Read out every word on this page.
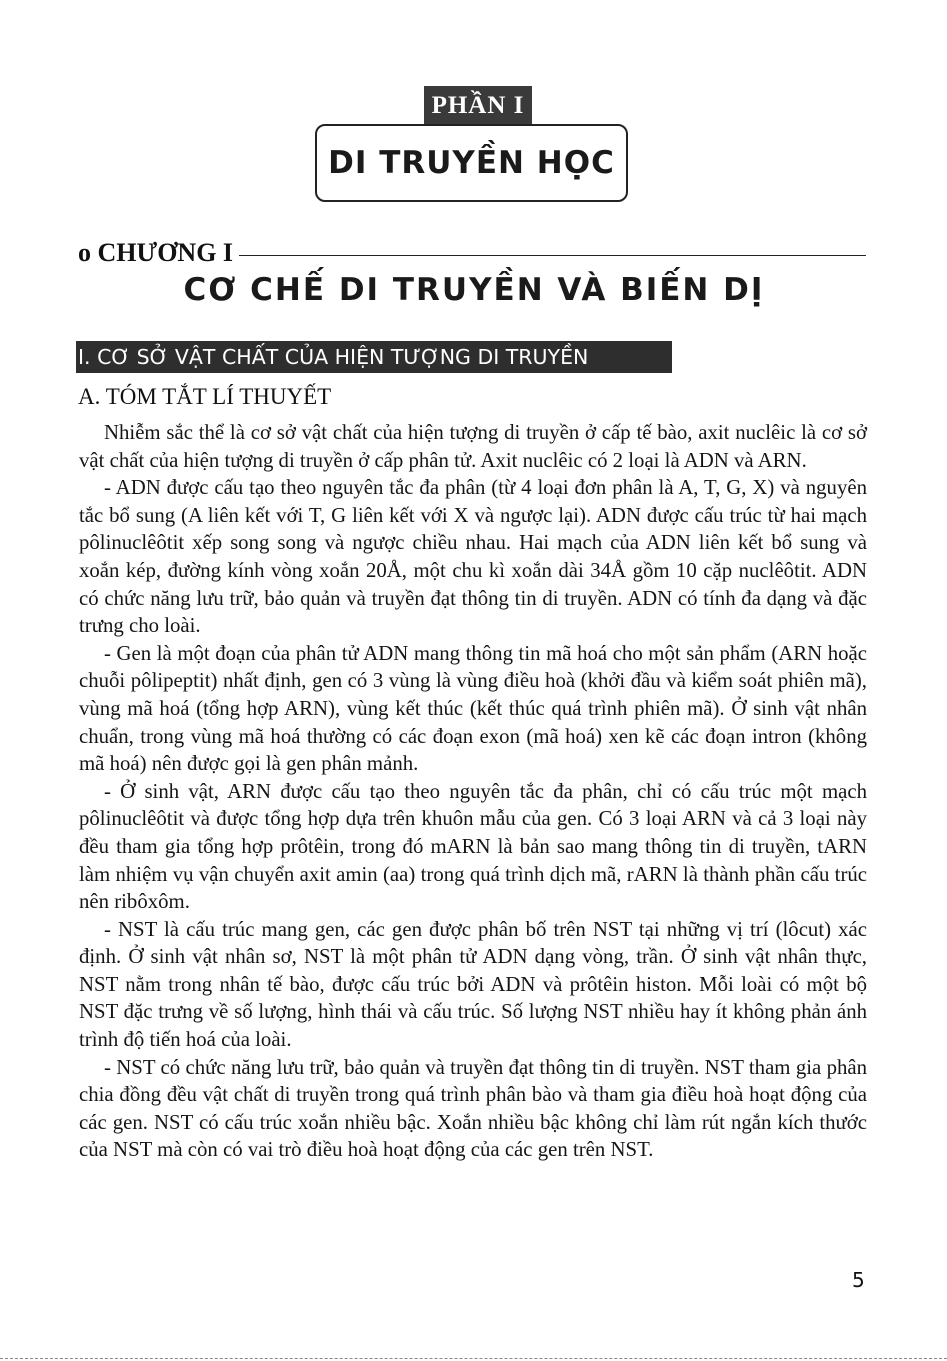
PHẦN I
DI TRUYỀN HỌC
o CHƯƠNG I
CƠ CHẾ DI TRUYỀN VÀ BIẾN DỊ
I. CƠ SỞ VẬT CHẤT CỦA HIỆN TƯỢNG DI TRUYỀN
A. TÓM TẮT LÍ THUYẾT

Nhiễm sắc thể là cơ sở vật chất của hiện tượng di truyền ở cấp tế bào, axit nuclêic là cơ sở vật chất của hiện tượng di truyền ở cấp phân tử. Axit nuclêic có 2 loại là ADN và ARN.

- ADN được cấu tạo theo nguyên tắc đa phân (từ 4 loại đơn phân là A, T, G, X) và nguyên tắc bổ sung (A liên kết với T, G liên kết với X và ngược lại). ADN được cấu trúc từ hai mạch pôlinuclêôtit xếp song song và ngược chiều nhau. Hai mạch của ADN liên kết bổ sung và xoắn kép, đường kính vòng xoắn 20Å, một chu kì xoắn dài 34Å gồm 10 cặp nuclêôtit. ADN có chức năng lưu trữ, bảo quản và truyền đạt thông tin di truyền. ADN có tính đa dạng và đặc trưng cho loài.

- Gen là một đoạn của phân tử ADN mang thông tin mã hoá cho một sản phẩm (ARN hoặc chuỗi pôlipeptit) nhất định, gen có 3 vùng là vùng điều hoà (khởi đầu và kiểm soát phiên mã), vùng mã hoá (tổng hợp ARN), vùng kết thúc (kết thúc quá trình phiên mã). Ở sinh vật nhân chuẩn, trong vùng mã hoá thường có các đoạn exon (mã hoá) xen kẽ các đoạn intron (không mã hoá) nên được gọi là gen phân mảnh.

- Ở sinh vật, ARN được cấu tạo theo nguyên tắc đa phân, chỉ có cấu trúc một mạch pôlinuclêôtit và được tổng hợp dựa trên khuôn mẫu của gen. Có 3 loại ARN và cả 3 loại này đều tham gia tổng hợp prôtêin, trong đó mARN là bản sao mang thông tin di truyền, tARN làm nhiệm vụ vận chuyển axit amin (aa) trong quá trình dịch mã, rARN là thành phần cấu trúc nên ribôxôm.

- NST là cấu trúc mang gen, các gen được phân bố trên NST tại những vị trí (lôcut) xác định. Ở sinh vật nhân sơ, NST là một phân tử ADN dạng vòng, trần. Ở sinh vật nhân thực, NST nằm trong nhân tế bào, được cấu trúc bởi ADN và prôtêin histon. Mỗi loài có một bộ NST đặc trưng về số lượng, hình thái và cấu trúc. Số lượng NST nhiều hay ít không phản ánh trình độ tiến hoá của loài.

- NST có chức năng lưu trữ, bảo quản và truyền đạt thông tin di truyền. NST tham gia phân chia đồng đều vật chất di truyền trong quá trình phân bào và tham gia điều hoà hoạt động của các gen. NST có cấu trúc xoắn nhiều bậc. Xoắn nhiều bậc không chỉ làm rút ngắn kích thước của NST mà còn có vai trò điều hoà hoạt động của các gen trên NST.

5
